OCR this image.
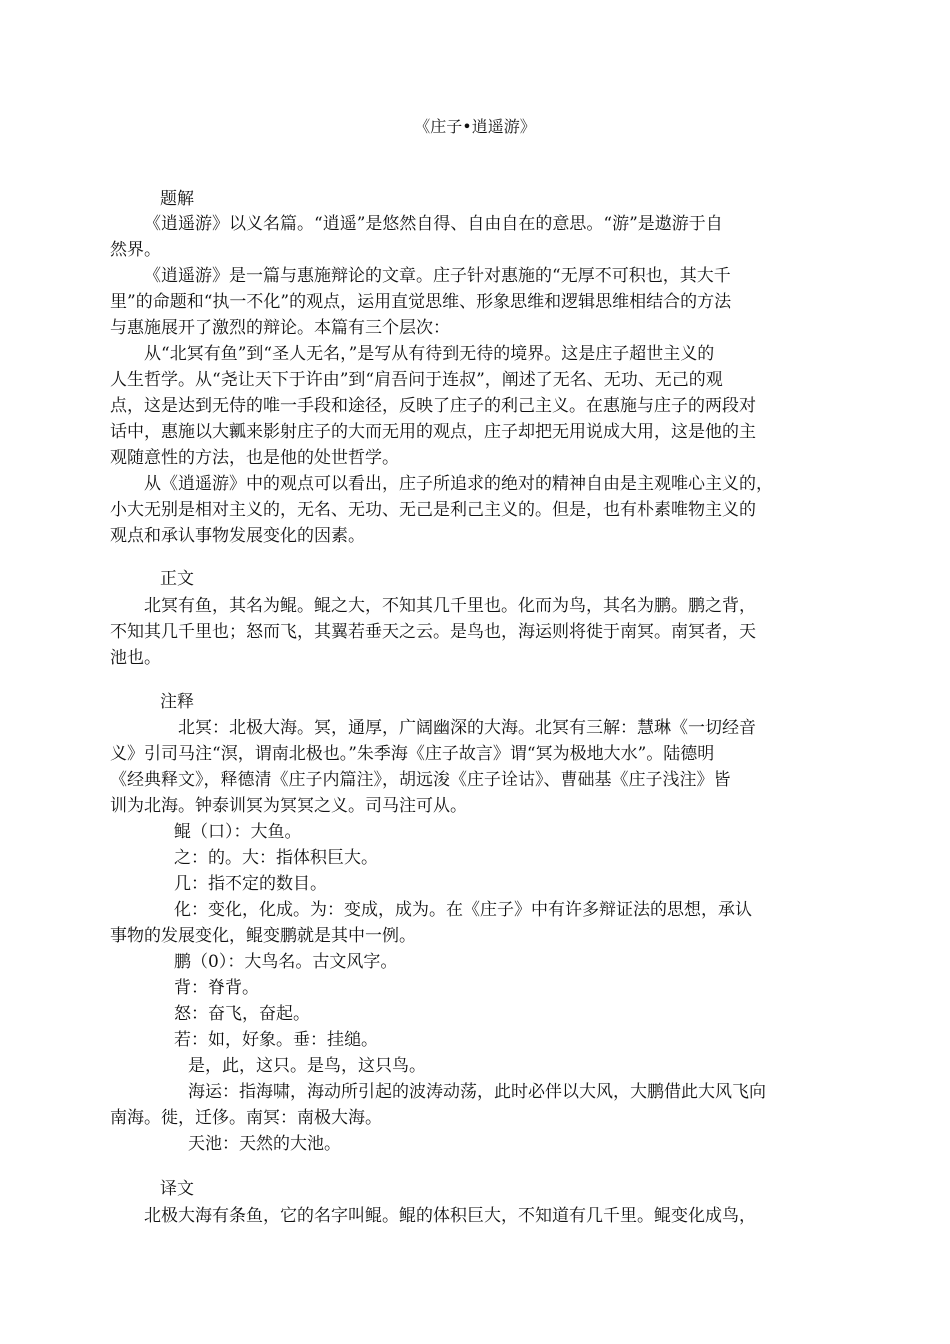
《庄子•逍遥游》
题解
《逍遥游》以义名篇。“逍遥”是悠然自得、自由自在的意思。“游”是遨游于自
然界。
《逍遥游》是一篇与惠施辩论的文章。庄子针对惠施的“无厚不可积也，其大千
里”的命题和“执一不化”的观点，运用直觉思维、形象思维和逻辑思维相结合的方法
与惠施展开了激烈的辩论。本篇有三个层次：
从“北冥有鱼”到“圣人无名，”是写从有待到无待的境界。这是庄子超世主义的
人生哲学。从“尧让天下于许由”到“肩吾问于连叔”，阐述了无名、无功、无己的观
点，这是达到无侍的唯一手段和途径，反映了庄子的利己主义。在惠施与庄子的两段对
话中，惠施以大瓤来影射庄子的大而无用的观点，庄子却把无用说成大用，这是他的主
观随意性的方法，也是他的处世哲学。
从《逍遥游》中的观点可以看出，庄子所追求的绝对的精神自由是主观唯心主义的，
小大无别是相对主义的，无名、无功、无己是利己主义的。但是，也有朴素唯物主义的
观点和承认事物发展变化的因素。
正文
北冥有鱼，其名为鲲。鲲之大，不知其几千里也。化而为鸟，其名为鹏。鹏之背，
不知其几千里也；怒而飞，其翼若垂天之云。是鸟也，海运则将徙于南冥。南冥者，天
池也。
注释
北冥：北极大海。冥，通厚，广阔幽深的大海。北冥有三解：慧琳《一切经音
义》引司马注“溟，谓南北极也。”朱季海《庄子故言》谓“冥为极地大水”。陆德明
《经典释文》，释德清《庄子内篇注》，胡远浚《庄子诠诂》、曹础基《庄子浅注》皆
训为北海。钟泰训冥为冥冥之义。司马注可从。
鲲（口）：大鱼。
之：的。大：指体积巨大。
几：指不定的数目。
化：变化，化成。为：变成，成为。在《庄子》中有许多辩证法的思想，承认
事物的发展变化，鲲变鹏就是其中一例。
鹏（0）：大鸟名。古文风字。
背：脊背。
怒：奋飞，奋起。
若：如，好象。垂：挂缒。
是，此，这只。是鸟，这只鸟。
海运：指海啸，海动所引起的波涛动荡，此时必伴以大风，大鹏借此大风飞向
南海。徙，迁侈。南冥：南极大海。
天池：天然的大池。
译文
北极大海有条鱼，它的名字叫鲲。鲲的体积巨大，不知道有几千里。鲲变化成鸟，
